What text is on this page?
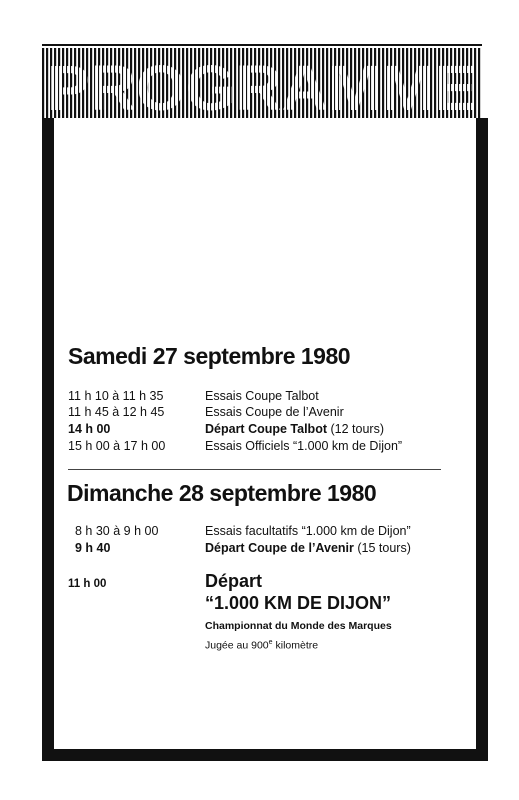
Samedi 27 septembre 1980
11 h 10 à 11 h 35	Essais Coupe Talbot
11 h 45 à 12 h 45	Essais Coupe de l’Avenir
14 h 00	Départ Coupe Talbot (12 tours)
15 h 00 à 17 h 00	Essais Officiels “1.000 km de Dijon”
Dimanche 28 septembre 1980
8 h 30 à 9 h 00	Essais facultatifs “1.000 km de Dijon”
9 h 40	Départ Coupe de l’Avenir (15 tours)
11 h 00	Départ
“1.000 KM DE DIJON”
Championnat du Monde des Marques
Jugée au 900e kilomètre
